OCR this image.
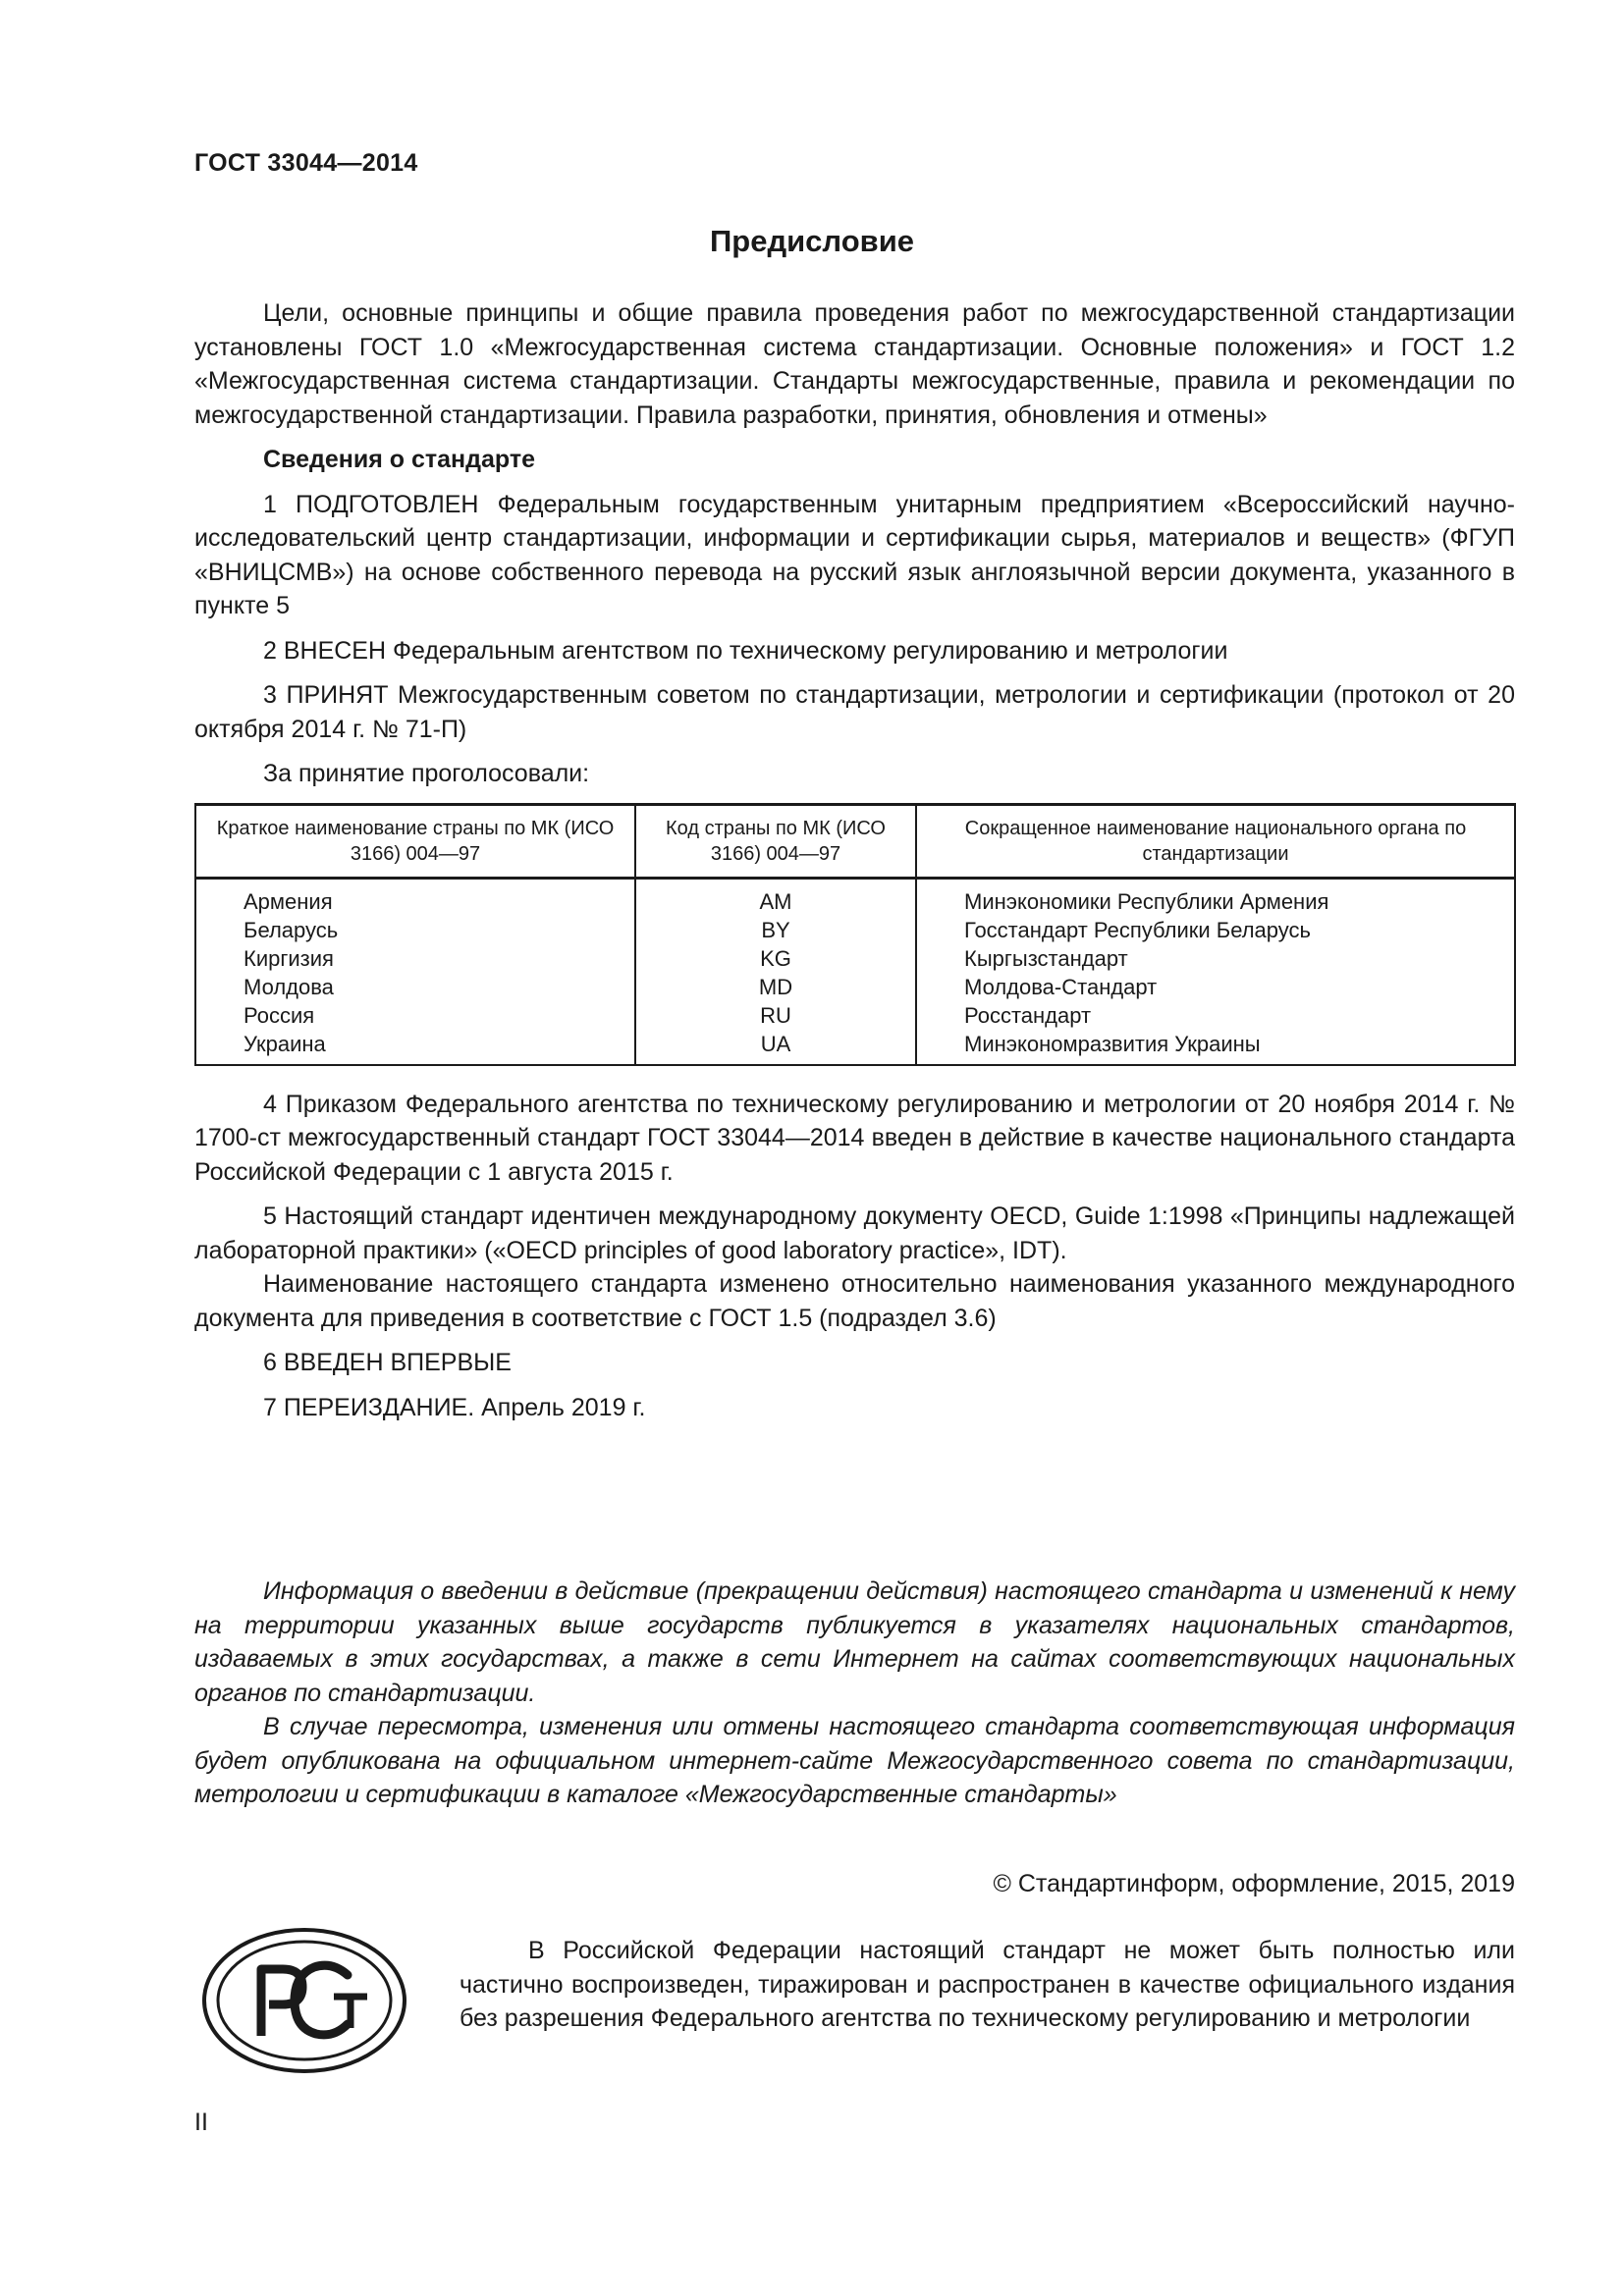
ГОСТ 33044—2014
Предисловие

Цели, основные принципы и общие правила проведения работ по межгосударственной стандартизации установлены ГОСТ 1.0 «Межгосударственная система стандартизации. Основные положения» и ГОСТ 1.2 «Межгосударственная система стандартизации. Стандарты межгосударственные, правила и рекомендации по межгосударственной стандартизации. Правила разработки, принятия, обновления и отмены»

Сведения о стандарте

1 ПОДГОТОВЛЕН Федеральным государственным унитарным предприятием «Всероссийский научно-исследовательский центр стандартизации, информации и сертификации сырья, материалов и веществ» (ФГУП «ВНИЦСМВ») на основе собственного перевода на русский язык англоязычной версии документа, указанного в пункте 5

2 ВНЕСЕН Федеральным агентством по техническому регулированию и метрологии

3 ПРИНЯТ Межгосударственным советом по стандартизации, метрологии и сертификации (протокол от 20 октября 2014 г. № 71-П)

За принятие проголосовали:

Краткое наименование страны по МК (ИСО 3166) 004—97	Код страны по МК (ИСО 3166) 004—97	Сокращенное наименование национального органа по стандартизации
Армения	AM	Минэкономики Республики Армения
Беларусь	BY	Госстандарт Республики Беларусь
Киргизия	KG	Кыргызстандарт
Молдова	MD	Молдова-Стандарт
Россия	RU	Росстандарт
Украина	UA	Минэкономразвития Украины

4 Приказом Федерального агентства по техническому регулированию и метрологии от 20 ноября 2014 г. № 1700-ст межгосударственный стандарт ГОСТ 33044—2014 введен в действие в качестве национального стандарта Российской Федерации с 1 августа 2015 г.

5 Настоящий стандарт идентичен международному документу OECD, Guide 1:1998 «Принципы надлежащей лабораторной практики» («OECD principles of good laboratory practice», IDT).

Наименование настоящего стандарта изменено относительно наименования указанного международного документа для приведения в соответствие с ГОСТ 1.5 (подраздел 3.6)

6 ВВЕДЕН ВПЕРВЫЕ

7 ПЕРЕИЗДАНИЕ. Апрель 2019 г.

Информация о введении в действие (прекращении действия) настоящего стандарта и изменений к нему на территории указанных выше государств публикуется в указателях национальных стандартов, издаваемых в этих государствах, а также в сети Интернет на сайтах соответствующих национальных органов по стандартизации.

В случае пересмотра, изменения или отмены настоящего стандарта соответствующая информация будет опубликована на официальном интернет-сайте Межгосударственного совета по стандартизации, метрологии и сертификации в каталоге «Межгосударственные стандарты»

© Стандартинформ, оформление, 2015, 2019

В Российской Федерации настоящий стандарт не может быть полностью или частично воспроизведен, тиражирован и распространен в качестве официального издания без разрешения Федерального агентства по техническому регулированию и метрологии

II
